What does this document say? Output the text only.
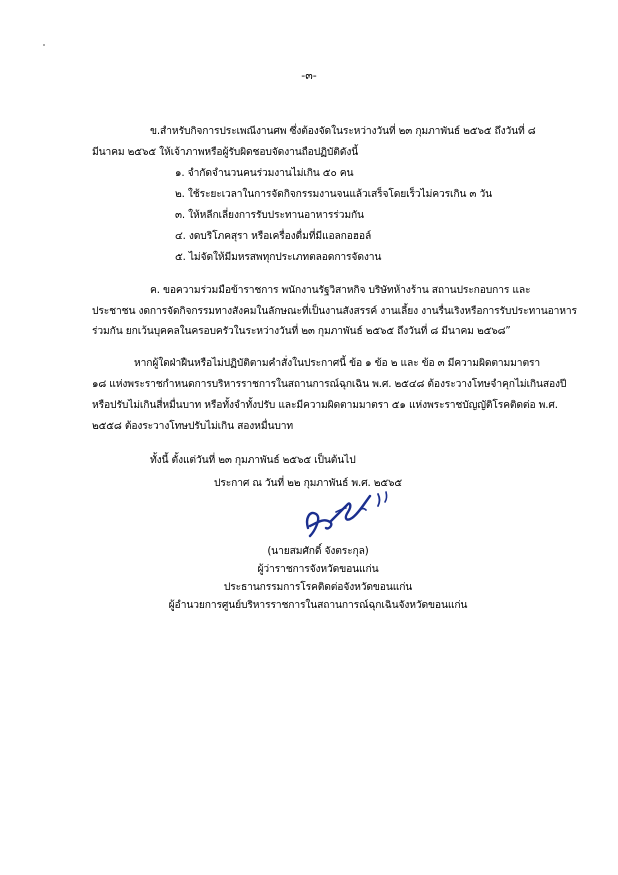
-๓-
ข.สำหรับกิจการประเพณีงานศพ ซึ่งต้องจัดในระหว่างวันที่ ๒๓ กุมภาพันธ์ ๒๕๖๕ ถึงวันที่ ๘
มีนาคม ๒๕๖๕ ให้เจ้าภาพหรือผู้รับผิดชอบจัดงานถือปฏิบัติดังนี้
๑. จำกัดจำนวนคนร่วมงานไม่เกิน ๕๐ คน
๒. ใช้ระยะเวลาในการจัดกิจกรรมงานจนแล้วเสร็จโดยเร็วไม่ควรเกิน ๓ วัน
๓. ให้หลีกเลี่ยงการรับประทานอาหารร่วมกัน
๔. งดบริโภคสุรา หรือเครื่องดื่มที่มีแอลกอฮอล์
๕. ไม่จัดให้มีมหรสพทุกประเภทตลอดการจัดงาน
ค. ขอความร่วมมือข้าราชการ พนักงานรัฐวิสาหกิจ บริษัทห้างร้าน สถานประกอบการ และ
ประชาชน งดการจัดกิจกรรมทางสังคมในลักษณะที่เป็นงานสังสรรค์ งานเลี้ยง งานรื่นเริงหรือการรับประทานอาหาร
ร่วมกัน ยกเว้นบุคคลในครอบครัวในระหว่างวันที่ ๒๓ กุมภาพันธ์ ๒๕๖๕ ถึงวันที่ ๘ มีนาคม ๒๕๖๘”
หากผู้ใดฝ่าฝืนหรือไม่ปฏิบัติตามคำสั่งในประกาศนี้ ข้อ ๑ ข้อ ๒ และ ข้อ ๓ มีความผิดตามมาตรา
๑๘ แห่งพระราชกำหนดการบริหารราชการในสถานการณ์ฉุกเฉิน พ.ศ. ๒๕๔๘ ต้องระวางโทษจำคุกไม่เกินสองปี
หรือปรับไม่เกินสี่หมื่นบาท หรือทั้งจำทั้งปรับ และมีความผิดตามมาตรา ๕๑ แห่งพระราชบัญญัติโรคติดต่อ พ.ศ.
๒๕๕๘ ต้องระวางโทษปรับไม่เกิน สองหมื่นบาท
ทั้งนี้ ตั้งแต่วันที่ ๒๓ กุมภาพันธ์ ๒๕๖๕ เป็นต้นไป
ประกาศ ณ วันที่ ๒๒ กุมภาพันธ์ พ.ศ. ๒๕๖๕
(นายสมศักดิ์ จังตระกุล)
ผู้ว่าราชการจังหวัดขอนแก่น
ประธานกรรมการโรคติดต่อจังหวัดขอนแก่น
ผู้อำนวยการศูนย์บริหารราชการในสถานการณ์ฉุกเฉินจังหวัดขอนแก่น
